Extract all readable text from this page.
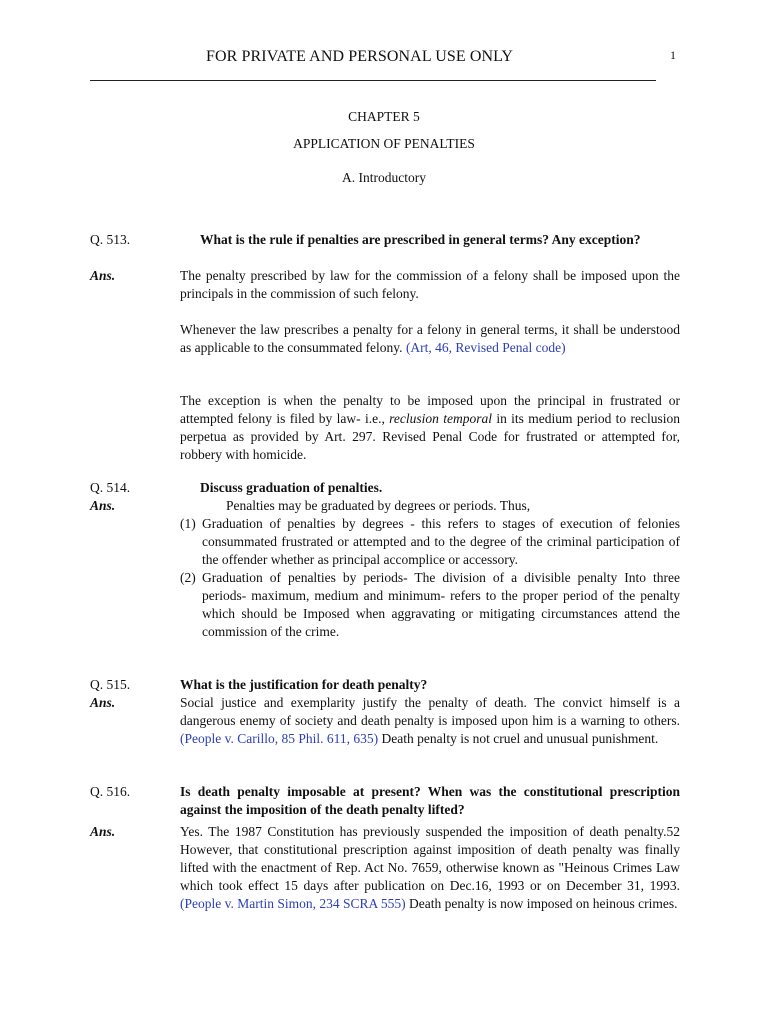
FOR PRIVATE AND PERSONAL USE ONLY	1
CHAPTER 5
APPLICATION OF PENALTIES
A. Introductory
Q. 513.	What is the rule if penalties are prescribed in general terms? Any exception?
Ans.	The penalty prescribed by law for the commission of a felony shall be imposed upon the principals in the commission of such felony.
Whenever the law prescribes a penalty for a felony in general terms, it shall be understood as applicable to the consummated felony. (Art, 46, Revised Penal code)
The exception is when the penalty to be imposed upon the principal in frustrated or attempted felony is filed by law- i.e., reclusion temporal in its medium period to reclusion perpetua as provided by Art. 297. Revised Penal Code for frustrated or attempted for, robbery with homicide.
Q. 514.	Discuss graduation of penalties.
Ans.	Penalties may be graduated by degrees or periods. Thus,
(1) Graduation of penalties by degrees - this refers to stages of execution of felonies consummated frustrated or attempted and to the degree of the criminal participation of the offender whether as principal accomplice or accessory.
(2) Graduation of penalties by periods- The division of a divisible penalty Into three periods- maximum, medium and minimum- refers to the proper period of the penalty which should be Imposed when aggravating or mitigating circumstances attend the commission of the crime.
Q. 515.	What is the justification for death penalty?
Ans.	Social justice and exemplarity justify the penalty of death. The convict himself is a dangerous enemy of society and death penalty is imposed upon him is a warning to others. (People v. Carillo, 85 Phil. 611, 635) Death penalty is not cruel and unusual punishment.
Q. 516.	Is death penalty imposable at present? When was the constitutional prescription against the imposition of the death penalty lifted?
Ans.	Yes. The 1987 Constitution has previously suspended the imposition of death penalty.52 However, that constitutional prescription against imposition of death penalty was finally lifted with the enactment of Rep. Act No. 7659, otherwise known as "Heinous Crimes Law which took effect 15 days after publication on Dec.16, 1993 or on December 31, 1993. (People v. Martin Simon, 234 SCRA 555) Death penalty is now imposed on heinous crimes.
